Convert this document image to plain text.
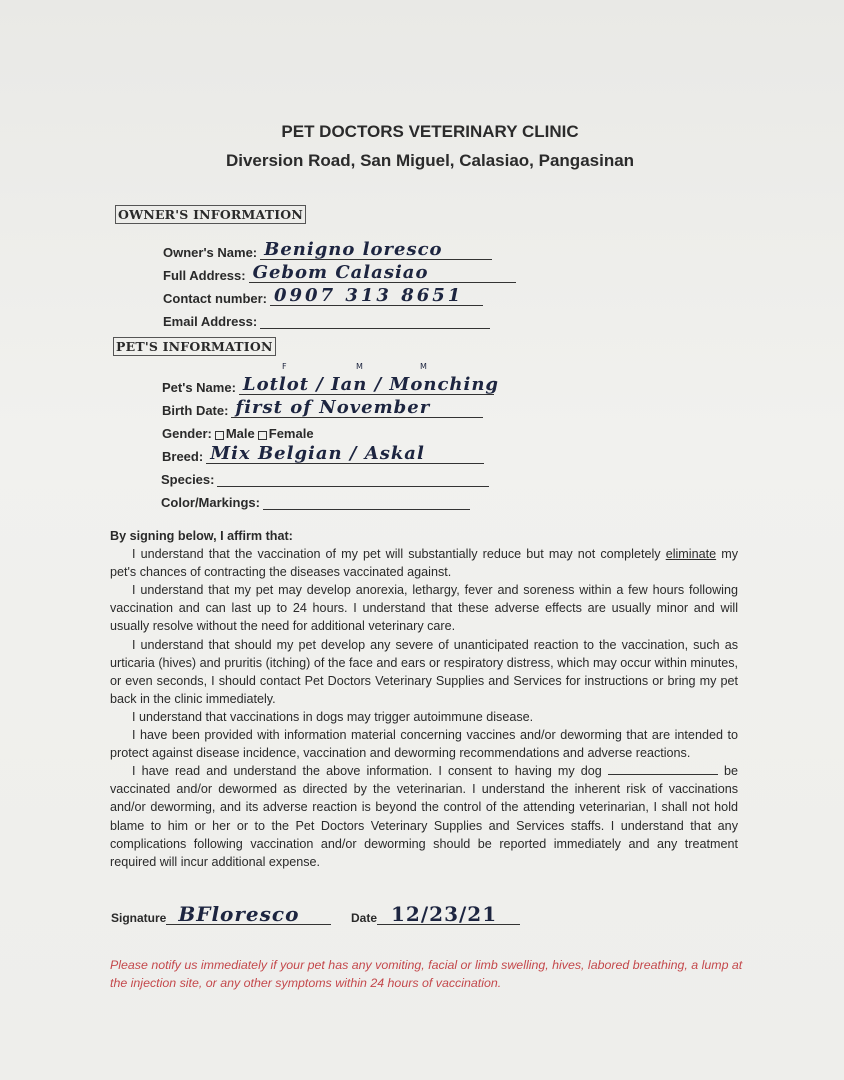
PET DOCTORS VETERINARY CLINIC
Diversion Road, San Miguel, Calasiao, Pangasinan
OWNER'S INFORMATION
Owner's Name: Benigno loresco
Full Address: Gebom Calasiao
Contact number: 0907 313 8651
Email Address:
PET'S INFORMATION
F	M	M
Pet's Name: Lotlot / Ian / Monching
Birth Date: first of November
Gender: Male Female
Breed: Mix Belgian / Askal
Species:
Color/Markings:

By signing below, I affirm that:

I understand that the vaccination of my pet will substantially reduce but may not completely eliminate my pet's chances of contracting the diseases vaccinated against.

I understand that my pet may develop anorexia, lethargy, fever and soreness within a few hours following vaccination and can last up to 24 hours. I understand that these adverse effects are usually minor and will usually resolve without the need for additional veterinary care.

I understand that should my pet develop any severe of unanticipated reaction to the vaccination, such as urticaria (hives) and pruritis (itching) of the face and ears or respiratory distress, which may occur within minutes, or even seconds, I should contact Pet Doctors Veterinary Supplies and Services for instructions or bring my pet back in the clinic immediately.

I understand that vaccinations in dogs may trigger autoimmune disease.

I have been provided with information material concerning vaccines and/or deworming that are intended to protect against disease incidence, vaccination and deworming recommendations and adverse reactions.

I have read and understand the above information. I consent to having my dog	be vaccinated and/or dewormed as directed by the veterinarian. I understand the inherent risk of vaccinations and/or deworming, and its adverse reaction is beyond the control of the attending veterinarian, I shall not hold blame to him or her or to the Pet Doctors Veterinary Supplies and Services staffs. I understand that any complications following vaccination and/or deworming should be reported immediately and any treatment required will incur additional expense.

Signature BFloresco	Date 12/23/21
Please notify us immediately if your pet has any vomiting, facial or limb swelling, hives, labored breathing, a lump at the injection site, or any other symptoms within 24 hours of vaccination.
